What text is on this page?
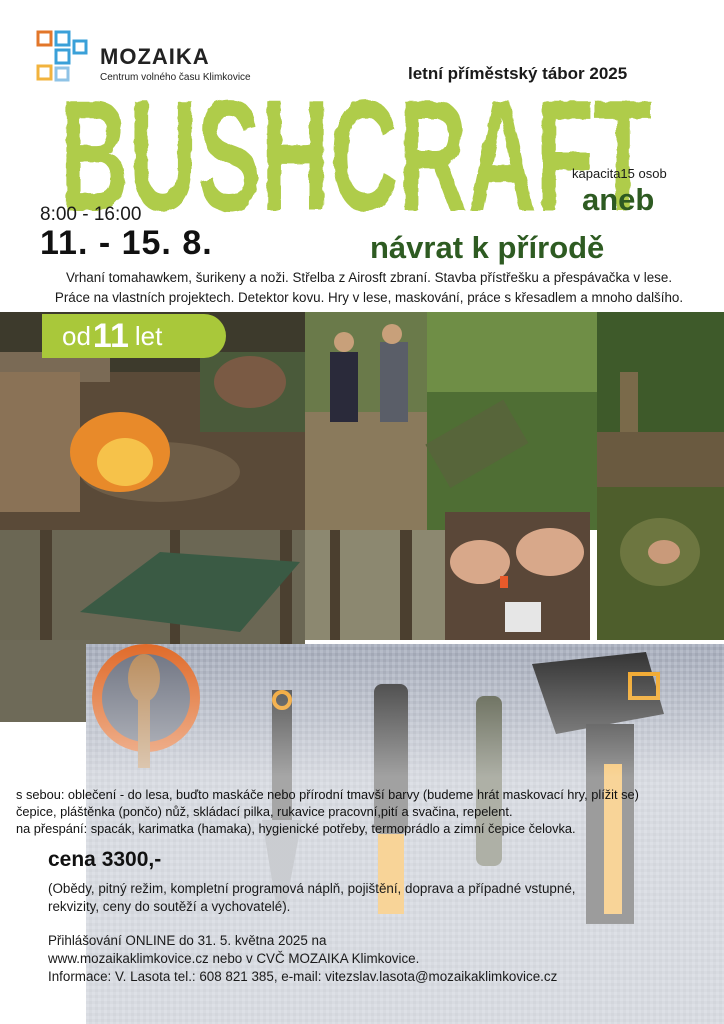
MOZAIKA
Centrum volného času Klimkovice	letní příměstský tábor 2025
BUSHCRAFT
kapacita15 osob
aneb
návrat k přírodě
8:00 - 16:00
11. - 15. 8.
Vrhaní tomahawkem, šurikeny a noži. Střelba z Airosft zbraní. Stavba přístřešku a přespávačka v lese.
Práce na vlastních projektech. Detektor kovu. Hry v lese, maskování, práce s křesadlem a mnoho dalšího.
od 11 let
s sebou: oblečení - do lesa, buďto maskáče nebo přírodní tmavší barvy (budeme hrát maskovací hry, plížit se)
čepice, pláštěnka (pončo) nůž, skládací pilka, rukavice pracovní,pití a svačina, repelent.
na přespání: spacák, karimatka (hamaka), hygienické potřeby, termoprádlo a zimní čepice čelovka.
cena 3300,-
(Obědy, pitný režim, kompletní programová náplň, pojištění, doprava a případné vstupné,
rekvizity, ceny do soutěží a vychovatelé).
Přihlášování ONLINE do 31. 5. května 2025 na
www.mozaikaklimkovice.cz nebo v CVČ MOZAIKA Klimkovice.
Informace: V. Lasota tel.: 608 821 385, e-mail: vitezslav.lasota@mozaikaklimkovice.cz
